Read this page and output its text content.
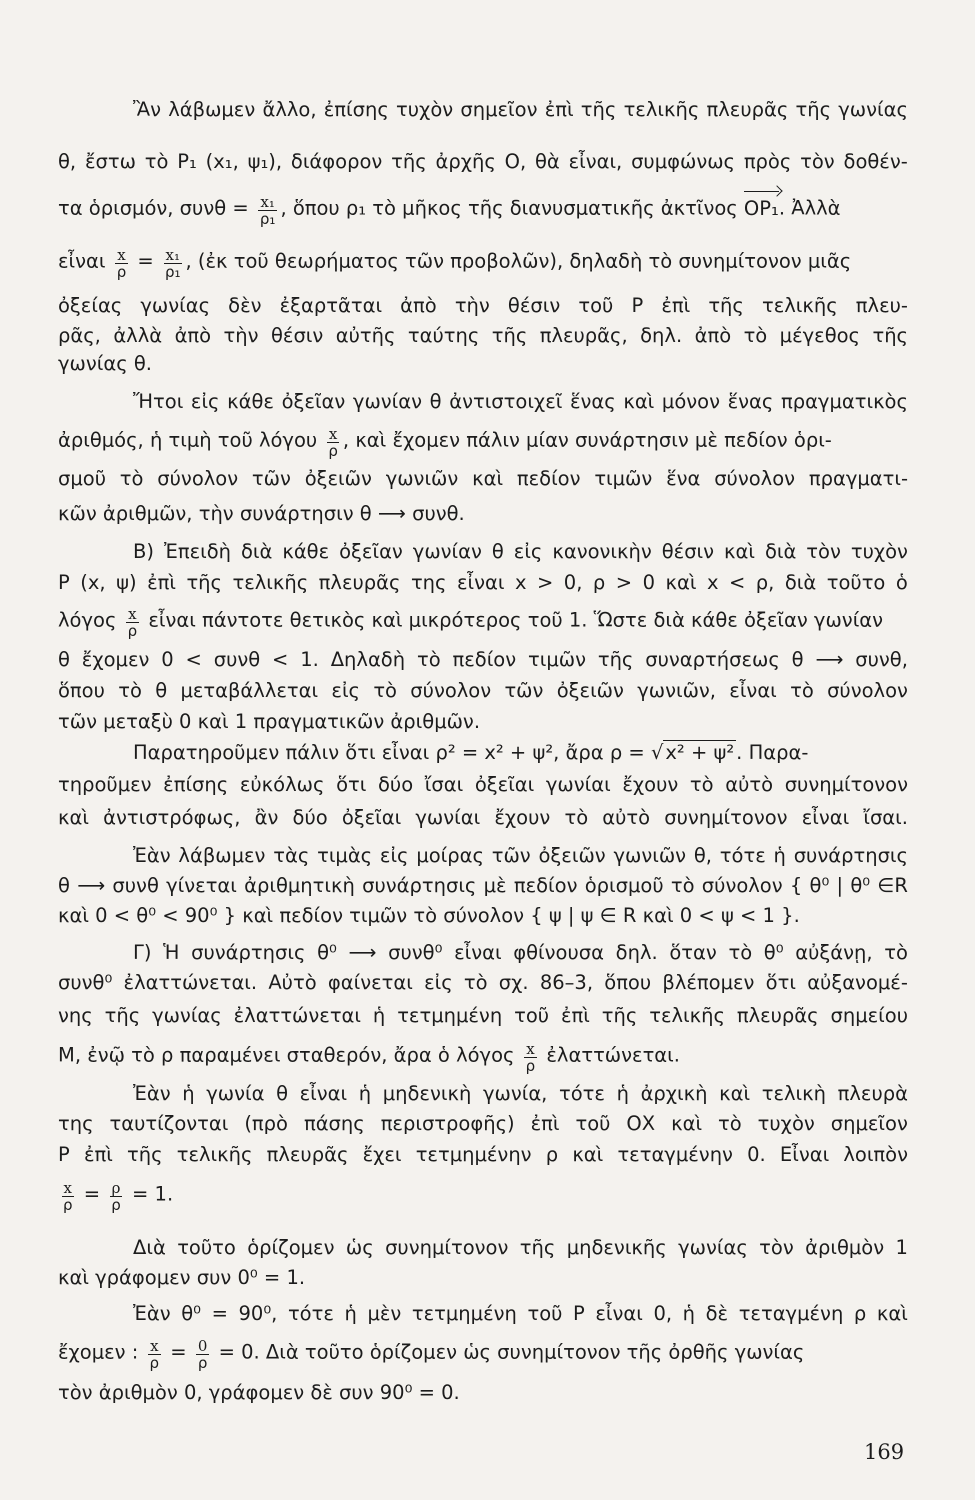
Ἂν λάβωμεν ἄλλο, ἐπίσης τυχὸν σημεῖον ἐπὶ τῆς τελικῆς πλευρᾶς τῆς γωνίας
θ, ἔστω τὸ P₁ (x₁, ψ₁), διάφορον τῆς ἀρχῆς Ο, θὰ εἶναι, συμφώνως πρὸς τὸν δοθέν-
τα ὁρισμόν, $\sigma\upsilon\nu\theta = \frac{\text{x₁}}{\text{ρ₁}}$ , ὅπου ρ₁ τὸ μῆκος τῆς διανυσματικῆς ἀκτῖνος OP₁. Ἀλλὰ
εἶναι $\frac{x}{\rho} = \frac{\text{x₁}}{\text{ρ₁}}$ , (ἐκ τοῦ θεωρήματος τῶν προβολῶν), δηλαδὴ τὸ συνημίτονον μιᾶς
ὀξείας γωνίας δὲν ἐξαρτᾶται ἀπὸ τὴν θέσιν τοῦ P ἐπὶ τῆς τελικῆς πλευ-
ρᾶς, ἀλλὰ ἀπὸ τὴν θέσιν αὐτῆς ταύτης τῆς πλευρᾶς, δηλ. ἀπὸ τὸ μέγεθος τῆς
γωνίας θ.
Ἤτοι εἰς κάθε ὀξεῖαν γωνίαν θ ἀντιστοιχεῖ ἕνας καὶ μόνον ἕνας πραγματικὸς
ἀριθμός, ἡ τιμὴ τοῦ λόγου $\frac{x}{\rho}$ , καὶ ἔχομεν πάλιν μίαν συνάρτησιν μὲ πεδίον ὁρι-
σμοῦ τὸ σύνολον τῶν ὀξειῶν γωνιῶν καὶ πεδίον τιμῶν ἕνα σύνολον πραγματι-
κῶν ἀριθμῶν, τὴν συνάρτησιν θ ⟶ συνθ.
Β) Ἐπειδὴ διὰ κάθε ὀξεῖαν γωνίαν θ εἰς κανονικὴν θέσιν καὶ διὰ τὸν τυχὸν
P (x, ψ) ἐπὶ τῆς τελικῆς πλευρᾶς της εἶναι x > 0, ρ > 0 καὶ x < ρ, διὰ τοῦτο ὁ
λόγος $\frac{x}{\rho}$ εἶναι πάντοτε θετικὸς καὶ μικρότερος τοῦ 1. Ὥστε διὰ κάθε ὀξεῖαν γωνίαν
θ ἔχομεν 0 < συνθ < 1. Δηλαδὴ τὸ πεδίον τιμῶν τῆς συναρτήσεως θ ⟶ συνθ,
ὅπου τὸ θ μεταβάλλεται εἰς τὸ σύνολον τῶν ὀξειῶν γωνιῶν, εἶναι τὸ σύνολον
τῶν μεταξὺ 0 καὶ 1 πραγματικῶν ἀριθμῶν.
Παρατηροῦμεν πάλιν ὅτι εἶναι ρ² = x² + ψ², ἄρα ρ = √ x² + ψ² . Παρα-
τηροῦμεν ἐπίσης εὐκόλως ὅτι δύο ἴσαι ὀξεῖαι γωνίαι ἔχουν τὸ αὐτὸ συνημίτονον
καὶ ἀντιστρόφως, ἂν δύο ὀξεῖαι γωνίαι ἔχουν τὸ αὐτὸ συνημίτονον εἶναι ἴσαι.
Ἐὰν λάβωμεν τὰς τιμὰς εἰς μοίρας τῶν ὀξειῶν γωνιῶν θ, τότε ἡ συνάρτησις
θ ⟶ συνθ γίνεται ἀριθμητικὴ συνάρτησις μὲ πεδίον ὁρισμοῦ τὸ σύνολον { θ⁰ | θ⁰ ∈R
καὶ 0 < θ⁰ < 90⁰ } καὶ πεδίον τιμῶν τὸ σύνολον { ψ | ψ ∈ R καὶ 0 < ψ < 1 }.
Γ) Ἡ συνάρτησις θ⁰ ⟶ συνθ⁰ εἶναι φθίνουσα δηλ. ὅταν τὸ θ⁰ αὐξάνῃ, τὸ
συνθ⁰ ἐλαττώνεται. Αὐτὸ φαίνεται εἰς τὸ σχ. 86–3, ὅπου βλέπομεν ὅτι αὐξανομέ-
νης τῆς γωνίας ἐλαττώνεται ἡ τετμημένη τοῦ ἐπὶ τῆς τελικῆς πλευρᾶς σημείου
Μ, ἐνῷ τὸ ρ παραμένει σταθερόν, ἄρα ὁ λόγος $\frac{x}{\rho}$ ἐλαττώνεται.
Ἐὰν ἡ γωνία θ εἶναι ἡ μηδενικὴ γωνία, τότε ἡ ἀρχικὴ καὶ τελικὴ πλευρὰ
της ταυτίζονται (πρὸ πάσης περιστροφῆς) ἐπὶ τοῦ ΟΧ καὶ τὸ τυχὸν σημεῖον
P ἐπὶ τῆς τελικῆς πλευρᾶς ἔχει τετμημένην ρ καὶ τεταγμένην 0. Εἶναι λοιπὸν
$\frac{x}{\rho} = \frac{\rho}{\rho} = 1$.
Διὰ τοῦτο ὁρίζομεν ὡς συνημίτονον τῆς μηδενικῆς γωνίας τὸν ἀριθμὸν 1
καὶ γράφομεν συν 0⁰ = 1.
Ἐὰν θ⁰ = 90⁰, τότε ἡ μὲν τετμημένη τοῦ P εἶναι 0, ἡ δὲ τεταγμένη ρ καὶ
ἔχομεν : $\frac{x}{\rho} = \frac{0}{\rho} = 0$. Διὰ τοῦτο ὁρίζομεν ὡς συνημίτονον τῆς ὀρθῆς γωνίας
τὸν ἀριθμὸν 0, γράφομεν δὲ συν 90⁰ = 0.
169
